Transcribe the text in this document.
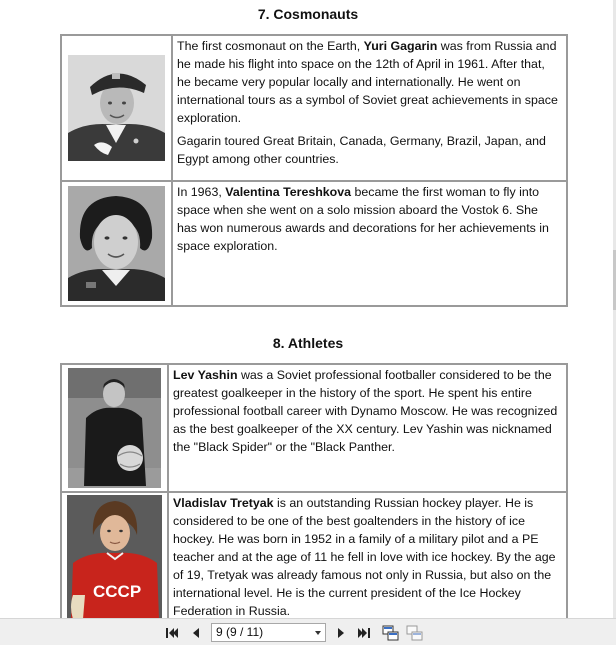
7. Cosmonauts

The first cosmonaut on the Earth, Yuri Gagarin was from Russia and he made his flight into space on the 12th of April in 1961. After that, he became very popular locally and internationally. He went on international tours as a symbol of Soviet great achievements in space exploration.

Gagarin toured Great Britain, Canada, Germany, Brazil, Japan, and Egypt among other countries.

In 1963, Valentina Tereshkova became the first woman to fly into space when she went on a solo mission aboard the Vostok 6. She has won numerous awards and decorations for her achievements in space exploration.

8. Athletes

Lev Yashin was a Soviet professional footballer considered to be the greatest goalkeeper in the history of the sport. He spent his entire professional football career with Dynamo Moscow. He was recognized as the best goalkeeper of the XX century. Lev Yashin was nicknamed the "Black Spider" or the "Black Panther.

CCCP	Vladislav Tretyak is an outstanding Russian hockey player. He is considered to be one of the best goaltenders in the history of ice hockey. He was born in 1952 in a family of a military pilot and a PE teacher and at the age of 11 he fell in love with ice hockey. By the age of 19, Tretyak was already famous not only in Russia, but also on the international level. He is the current president of the Ice Hockey Federation in Russia.

9 (9 / 11)
